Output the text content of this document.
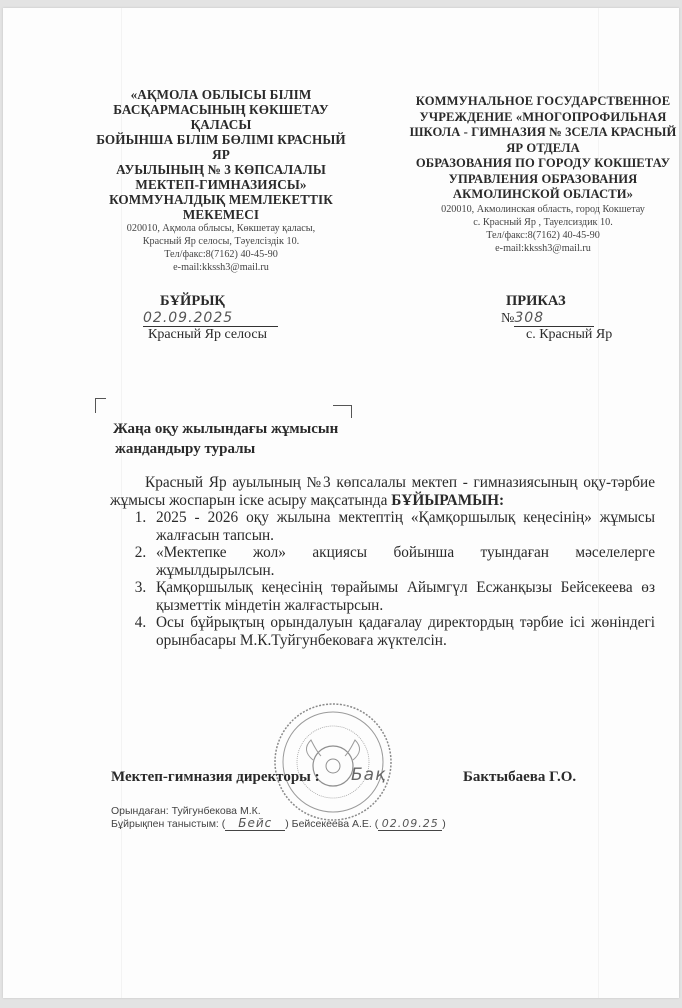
«АҚМОЛА ОБЛЫСЫ БІЛІМ
БАСҚАРМАСЫНЫҢ КӨКШЕТАУ
ҚАЛАСЫ
БОЙЫНША БІЛІМ БӨЛІМІ КРАСНЫЙ
ЯР
АУЫЛЫНЫҢ № 3 КӨПСАЛАЛЫ
МЕКТЕП-ГИМНАЗИЯСЫ»
КОММУНАЛДЫҚ МЕМЛЕКЕТТІК
МЕКЕМЕСІ
020010, Ақмола облысы, Көкшетау қаласы,
Красный Яр селосы, Тәуелсіздік 10.
Тел/факс:8(7162) 40-45-90
e-mail:kkssh3@mail.ru
КОММУНАЛЬНОЕ ГОСУДАРСТВЕННОЕ
УЧРЕЖДЕНИЕ «МНОГОПРОФИЛЬНАЯ
ШКОЛА - ГИМНАЗИЯ № 3СЕЛА КРАСНЫЙ
ЯР ОТДЕЛА
ОБРАЗОВАНИЯ ПО ГОРОДУ КОКШЕТАУ
УПРАВЛЕНИЯ ОБРАЗОВАНИЯ
АКМОЛИНСКОЙ ОБЛАСТИ»
020010, Акмолинская область, город Кокшетау
с. Красный Яр , Тауелсиздик 10.
Тел/факс:8(7162) 40-45-90
e-mail:kkssh3@mail.ru
БҰЙРЫҚ
02.09.2025
Красный Яр селосы
ПРИКАЗ
№308
с. Красный Яр
Жаңа оқу жылындағы жұмысын
жандандыру туралы
Красный Яр ауылының №3 көпсалалы мектеп - гимназиясының оқу-тәрбие жұмысы жоспарын іске асыру мақсатында БҰЙЫРАМЫН:
1. 2025 - 2026 оқу жылына мектептің «Қамқоршылық кеңесінің» жұмысы жалғасын тапсын.
2. «Мектепке жол» акциясы бойынша туындаған мәселелерге жұмылдырылсын.
3. Қамқоршылық кеңесінің төрайымы Айымгүл Есжанқызы Бейсекеева өз қызметтік міндетін жалғастырсын.
4. Осы бұйрықтың орындалуын қадағалау директордың тәрбие ісі жөніндегі орынбасары М.К.Туйгунбековаға жүктелсін.
Мектеп-гимназия директоры : Бақ	Бактыбаева Г.О.
Орындаған: Туйгунбекова М.К.
Бұйрықпен таныстым: ( Бейс ) Бейсекеева А.Е. ( 02.09.25 )
